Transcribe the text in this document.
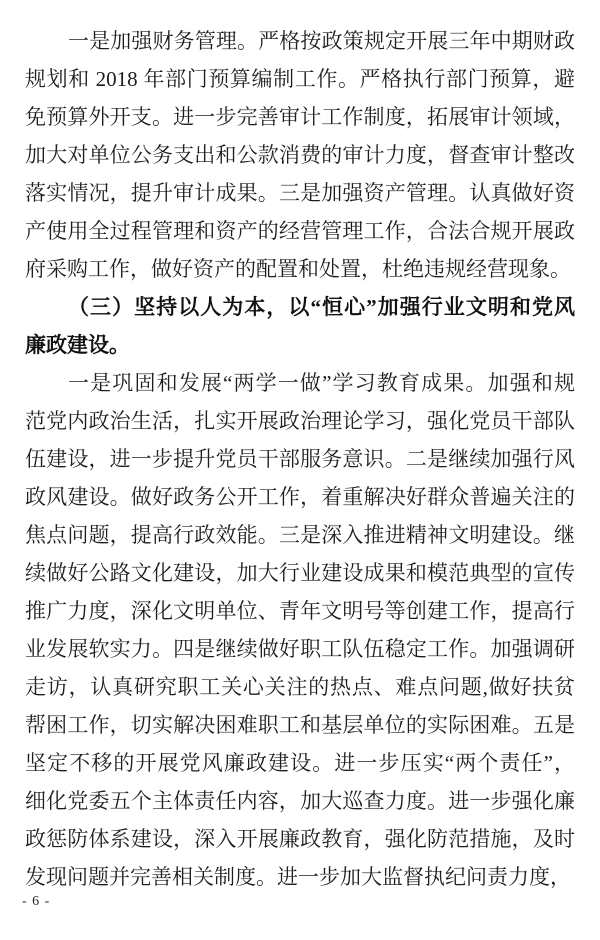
一是加强财务管理。严格按政策规定开展三年中期财政
规划和 2018 年部门预算编制工作。严格执行部门预算，避
免预算外开支。进一步完善审计工作制度，拓展审计领域，
加大对单位公务支出和公款消费的审计力度，督查审计整改
落实情况，提升审计成果。三是加强资产管理。认真做好资
产使用全过程管理和资产的经营管理工作，合法合规开展政
府采购工作，做好资产的配置和处置，杜绝违规经营现象。
（三）坚持以人为本，以“恒心”加强行业文明和党风
廉政建设。
一是巩固和发展“两学一做”学习教育成果。加强和规
范党内政治生活，扎实开展政治理论学习，强化党员干部队
伍建设，进一步提升党员干部服务意识。二是继续加强行风
政风建设。做好政务公开工作，着重解决好群众普遍关注的
焦点问题，提高行政效能。三是深入推进精神文明建设。继
续做好公路文化建设，加大行业建设成果和模范典型的宣传
推广力度，深化文明单位、青年文明号等创建工作，提高行
业发展软实力。四是继续做好职工队伍稳定工作。加强调研
走访，认真研究职工关心关注的热点、难点问题,做好扶贫
帮困工作，切实解决困难职工和基层单位的实际困难。五是
坚定不移的开展党风廉政建设。进一步压实“两个责任”，
细化党委五个主体责任内容，加大巡查力度。进一步强化廉
政惩防体系建设，深入开展廉政教育，强化防范措施，及时
发现问题并完善相关制度。进一步加大监督执纪问责力度，
- 6 -
